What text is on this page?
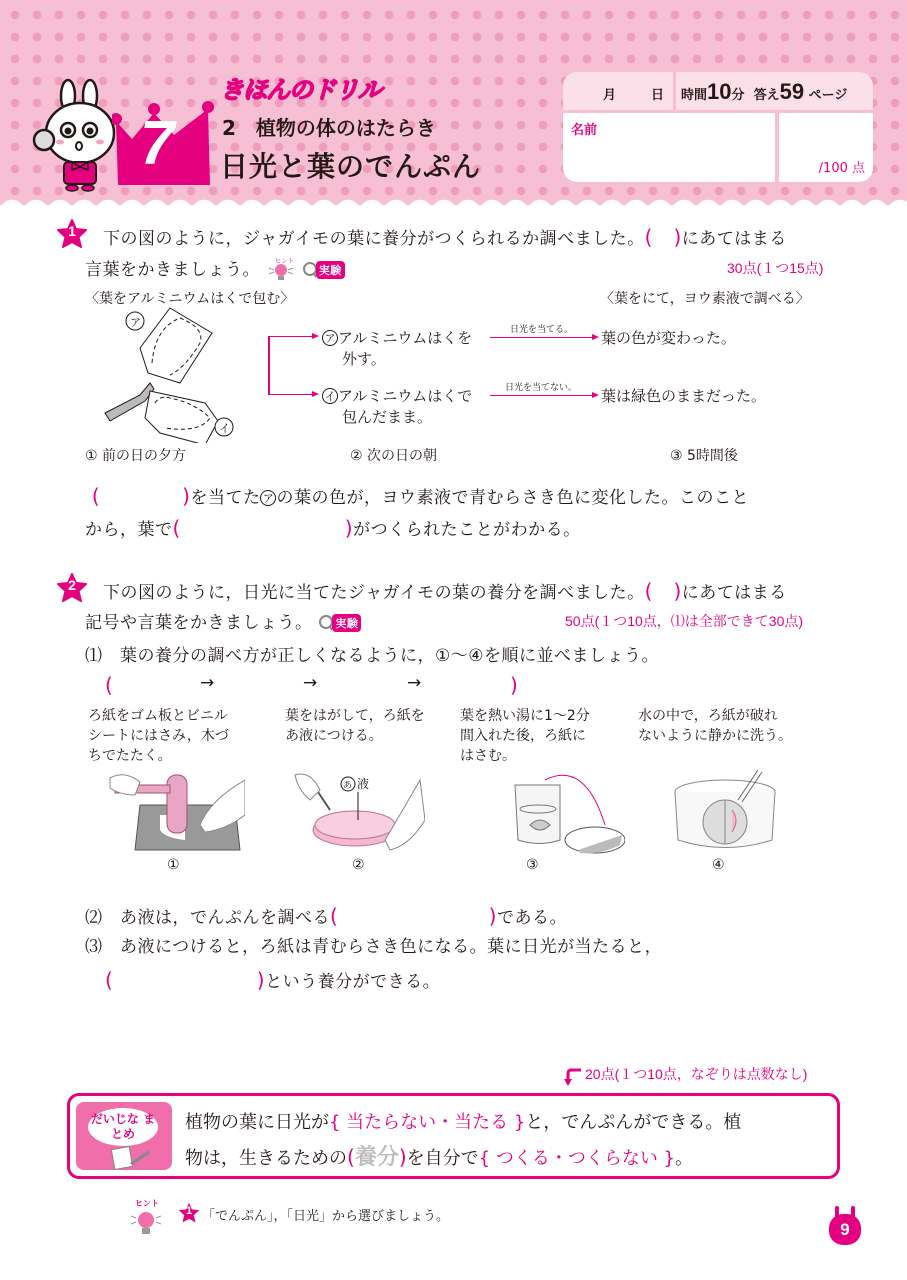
7
きほんのドリル
2　植物の体のはたらき
日光と葉のでんぷん
月	日 時間10分 答え59 ページ
名前
/100 点
1	下の図のように，ジャガイモの葉に養分がつくられるか調べました。(　)にあてはまる
言葉をかきましょう。 ヒント
実験	30点(１つ15点)
〈葉をアルミニウムはくで包む〉	〈葉をにて，ヨウ素液で調べる〉
ア
イ
ア アルミニウムはくを
外す。
日光を当てる。 葉の色が変わった。
イ アルミニウムはくで
包んだまま。
日光を当てない。 葉は緑色のままだった。
① 前の日の夕方	② 次の日の朝	③ 5時間後
(　　　　)を当てた ア の葉の色が，ヨウ素液で青むらさき色に変化した。このこと
から，葉で(　　　　　　　　)がつくられたことがわかる。
2	下の図のように，日光に当てたジャガイモの葉の養分を調べました。(　)にあてはまる
記号や言葉をかきましょう。 実験	50点(１つ10点，⑴は全部できて30点)
⑴　葉の養分の調べ方が正しくなるように，①～④を順に並べましょう。
(	→	→	→	)
ろ紙をゴム板とビニル
シートにはさみ，木づ
ちでたたく。
葉をはがして，ろ紙を
あ液につける。
葉を熱い湯に1～2分
間入れた後，ろ紙に
はさむ。
水の中で，ろ紙が破れ
ないように静かに洗う。
あ 液
①	②	③	④
⑵　あ液は，でんぷんを調べる(　　　　　　　 )である。
⑶　あ液につけると，ろ紙は青むらさき色になる。葉に日光が当たると，
(　　　　　　　)という養分ができる。
20点(１つ10点，なぞりは点数なし)
だいじな まとめ
植物の葉に日光が{ 当たらない・当たる }と，でんぷんができる。植
物は，生きるための(養分)を自分で{ つくる・つくらない }。
ヒント
1 「でんぷん」，「日光」から選びましょう。
9
